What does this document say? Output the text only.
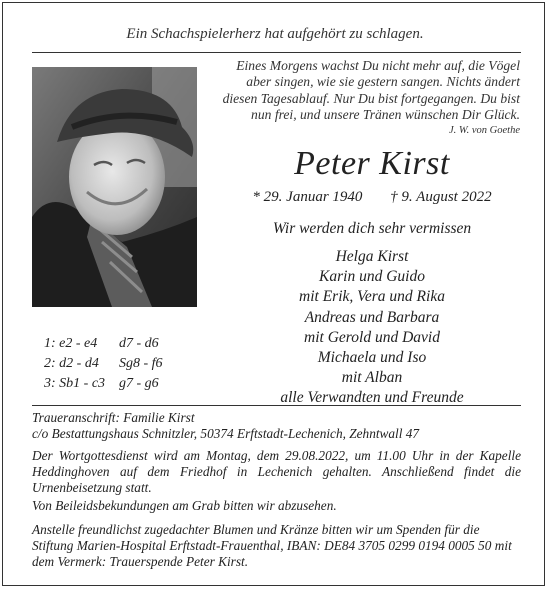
Ein Schachspielerherz hat aufgehört zu schlagen.
Eines Morgens wachst Du nicht mehr auf, die Vögel
aber singen, wie sie gestern sangen. Nichts ändert
diesen Tagesablauf. Nur Du bist fortgegangen. Du bist
nun frei, und unsere Tränen wünschen Dir Glück.
J. W. von Goethe
Peter Kirst
* 29. Januar 1940 † 9. August 2022
Wir werden dich sehr vermissen
Helga Kirst
Karin und Guido
mit Erik, Vera und Rika
Andreas und Barbara
mit Gerold und David
Michaela und Iso
mit Alban
alle Verwandten und Freunde
1: e2 - e4	d7 - d6
2: d2 - d4	Sg8 - f6
3: Sb1 - c3 g7 - g6
Traueranschrift: Familie Kirst
c/o Bestattungshaus Schnitzler, 50374 Erftstadt-Lechenich, Zehntwall 47
Der Wortgottesdienst wird am Montag, dem 29.08.2022, um 11.00 Uhr in der Kapelle Heddinghoven auf dem Friedhof in Lechenich gehalten. Anschließend findet die Urnenbeisetzung statt.
Von Beileidsbekundungen am Grab bitten wir abzusehen.
Anstelle freundlichst zugedachter Blumen und Kränze bitten wir um Spenden für die Stiftung Marien-Hospital Erftstadt-Frauenthal, IBAN: DE84 3705 0299 0194 0005 50 mit dem Vermerk: Trauerspende Peter Kirst.
